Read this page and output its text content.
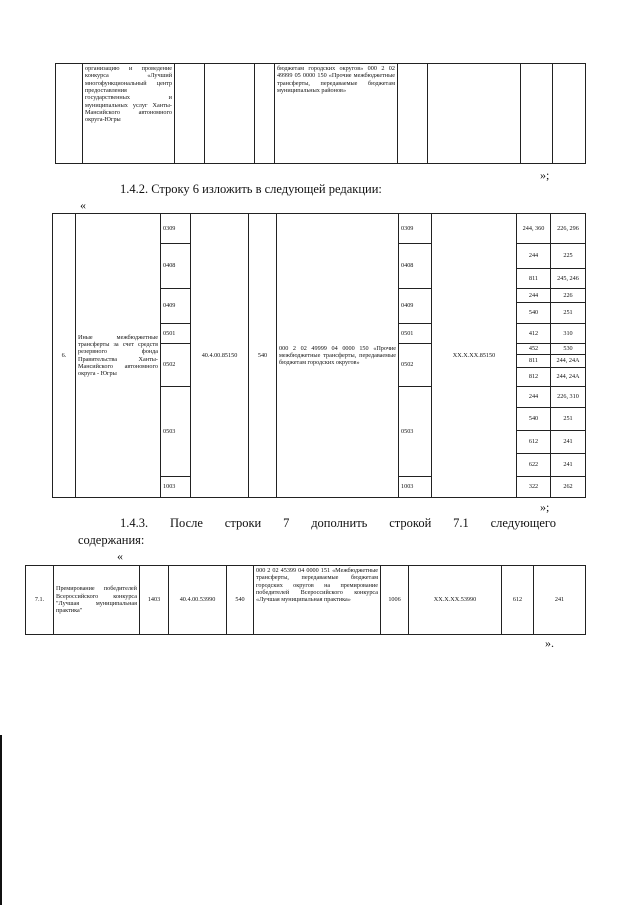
	организацию и проведение конкурса «Лучший многофункциональный центр предоставления государственных и муниципальных услуг Ханты-Мансийского автономного округа-Югры				бюджетам городских округов» 000 2 02 49999 05 0000 150 «Прочие межбюджетные трансферты, передаваемые бюджетам муниципальных районов»				
»;
1.4.2. Строку 6 изложить в следующей редакции:
«
6.	Иные межбюджетные трансферты за счет средств резервного фонда Правительства Ханты-Мансийского автономного округа - Югры	0309	40.4.00.85150	540	000 2 02 49999 04 0000 150 «Прочие межбюджетные трансферты, передаваемые бюджетам городских округов»	0309	ХХ.Х.ХХ.85150	244, 360	226, 296
		0408				0408		244	225
								811	245, 246
		0409				0409		244	226
								540	251
		0501				0501		412	310
		0502				0502		452	530
								811	244, 24А
								812	244, 24А
		0503				0503		244	226, 310
								540	251
								612	241
								622	241
		1003				1003		322	262
»;
1.4.3. После строки 7 дополнить строкой 7.1 следующего
содержания:
«
7.1.	Премирование победителей Всероссийского конкурса "Лучшая муниципальная практика"	1403	40.4.00.53990	540	000 2 02 45399 04 0000 151 «Межбюджетные трансферты, передаваемые бюджетам городских округов на премирование победителей Всероссийского конкурса «Лучшая муниципальная практика»	1006	ХХ.Х.ХХ.53990	612	241
».
